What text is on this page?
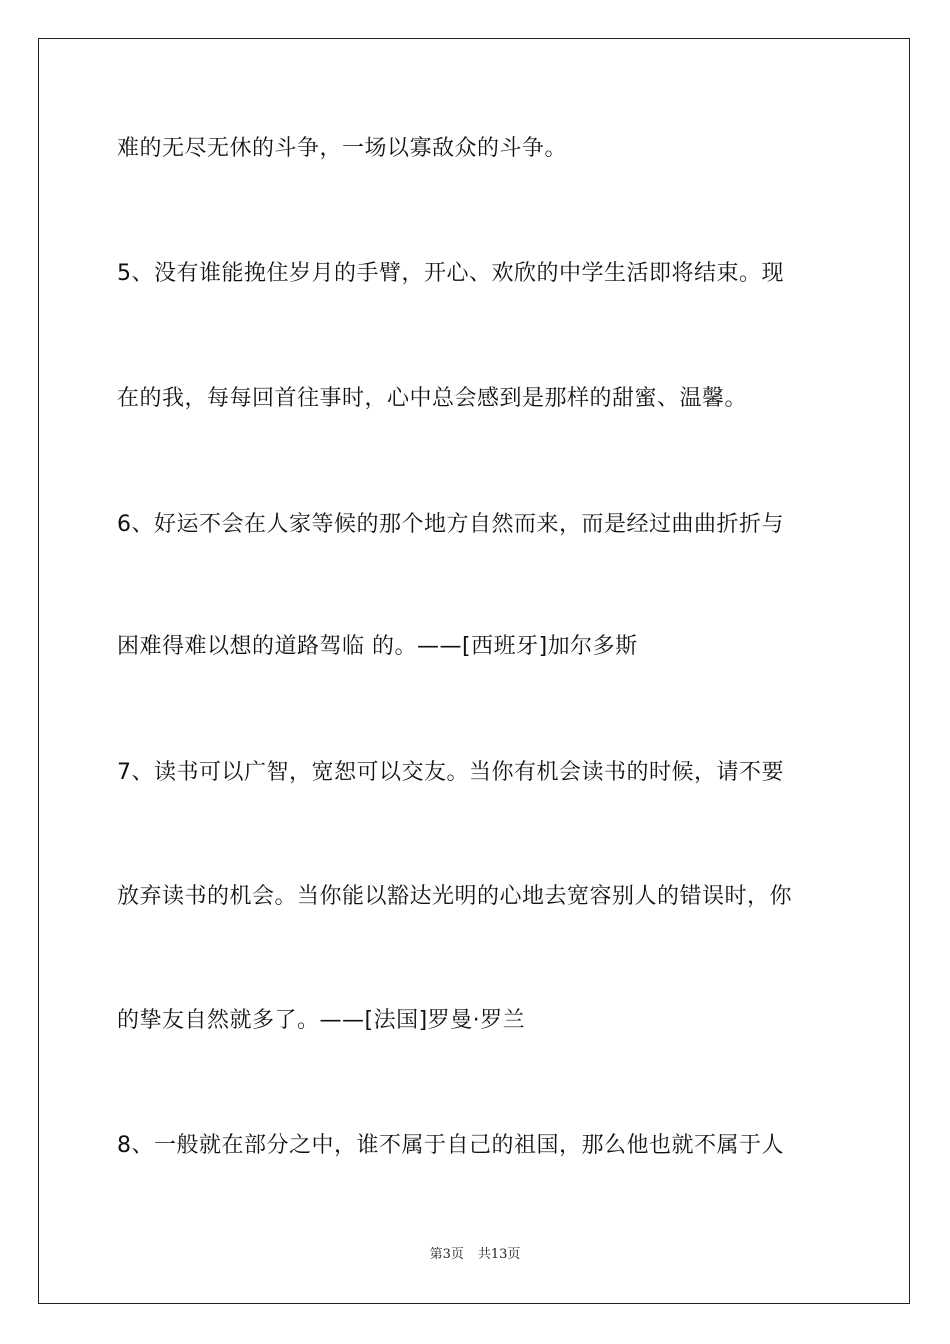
难的无尽无休的斗争，一场以寡敌众的斗争。
5、没有谁能挽住岁月的手臂，开心、欢欣的中学生活即将结束。现
在的我，每每回首往事时，心中总会感到是那样的甜蜜、温馨。
6、好运不会在人家等候的那个地方自然而来，而是经过曲曲折折与
困难得难以想的道路驾临 的。——[西班牙]加尔多斯
7、读书可以广智，宽恕可以交友。当你有机会读书的时候，请不要
放弃读书的机会。当你能以豁达光明的心地去宽容别人的错误时，你
的挚友自然就多了。——[法国]罗曼·罗兰
8、一般就在部分之中，谁不属于自己的祖国，那么他也就不属于人
第3页 共13页
